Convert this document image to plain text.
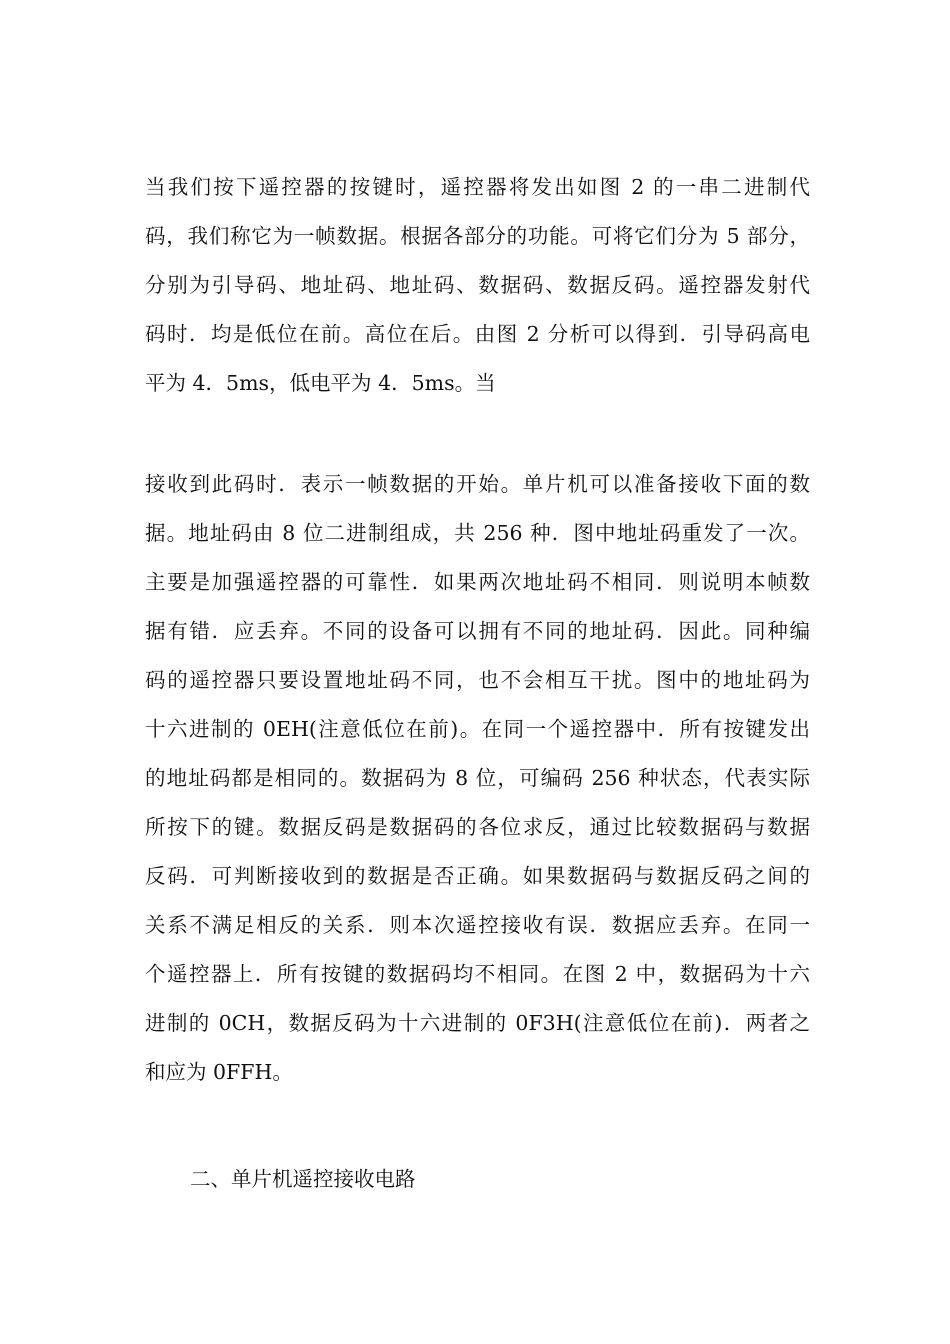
当我们按下遥控器的按键时，遥控器将发出如图 2 的一串二进制代
码，我们称它为一帧数据。根据各部分的功能。可将它们分为 5 部分，
分别为引导码、地址码、地址码、数据码、数据反码。遥控器发射代
码时．均是低位在前。高位在后。由图 2 分析可以得到．引导码高电
平为 4．5ms，低电平为 4．5ms。当
接收到此码时．表示一帧数据的开始。单片机可以准备接收下面的数
据。地址码由 8 位二进制组成，共 256 种．图中地址码重发了一次。
主要是加强遥控器的可靠性．如果两次地址码不相同．则说明本帧数
据有错．应丢弃。不同的设备可以拥有不同的地址码．因此。同种编
码的遥控器只要设置地址码不同，也不会相互干扰。图中的地址码为
十六进制的 0EH(注意低位在前)。在同一个遥控器中．所有按键发出
的地址码都是相同的。数据码为 8 位，可编码 256 种状态，代表实际
所按下的键。数据反码是数据码的各位求反，通过比较数据码与数据
反码．可判断接收到的数据是否正确。如果数据码与数据反码之间的
关系不满足相反的关系．则本次遥控接收有误．数据应丢弃。在同一
个遥控器上．所有按键的数据码均不相同。在图 2 中，数据码为十六
进制的 0CH，数据反码为十六进制的 0F3H(注意低位在前)．两者之
和应为 0FFH。
二、单片机遥控接收电路
